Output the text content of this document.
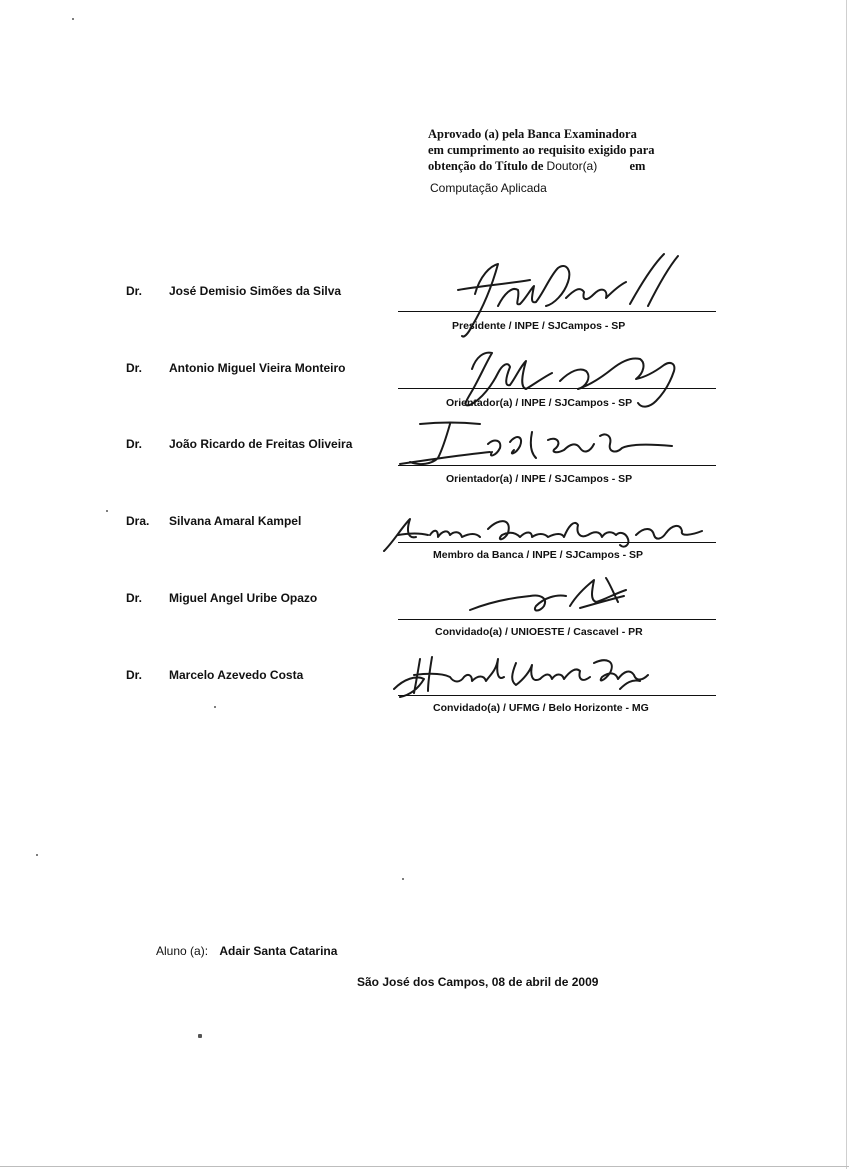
Aprovado (a) pela Banca Examinadora
em cumprimento ao requisito exigido para
obtenção do Título de Doutor(a)	em
Computação Aplicada
Dr. José Demisio Simões da Silva
Presidente / INPE / SJCampos - SP
Dr. Antonio Miguel Vieira Monteiro
Orientador(a) / INPE / SJCampos - SP
Dr. João Ricardo de Freitas Oliveira
Orientador(a) / INPE / SJCampos - SP
Dra. Silvana Amaral Kampel
Membro da Banca / INPE / SJCampos - SP
Dr. Miguel Angel Uribe Opazo
Convidado(a) / UNIOESTE / Cascavel - PR
Dr. Marcelo Azevedo Costa
Convidado(a) / UFMG / Belo Horizonte - MG
Aluno (a): Adair Santa Catarina
São José dos Campos, 08 de abril de 2009
